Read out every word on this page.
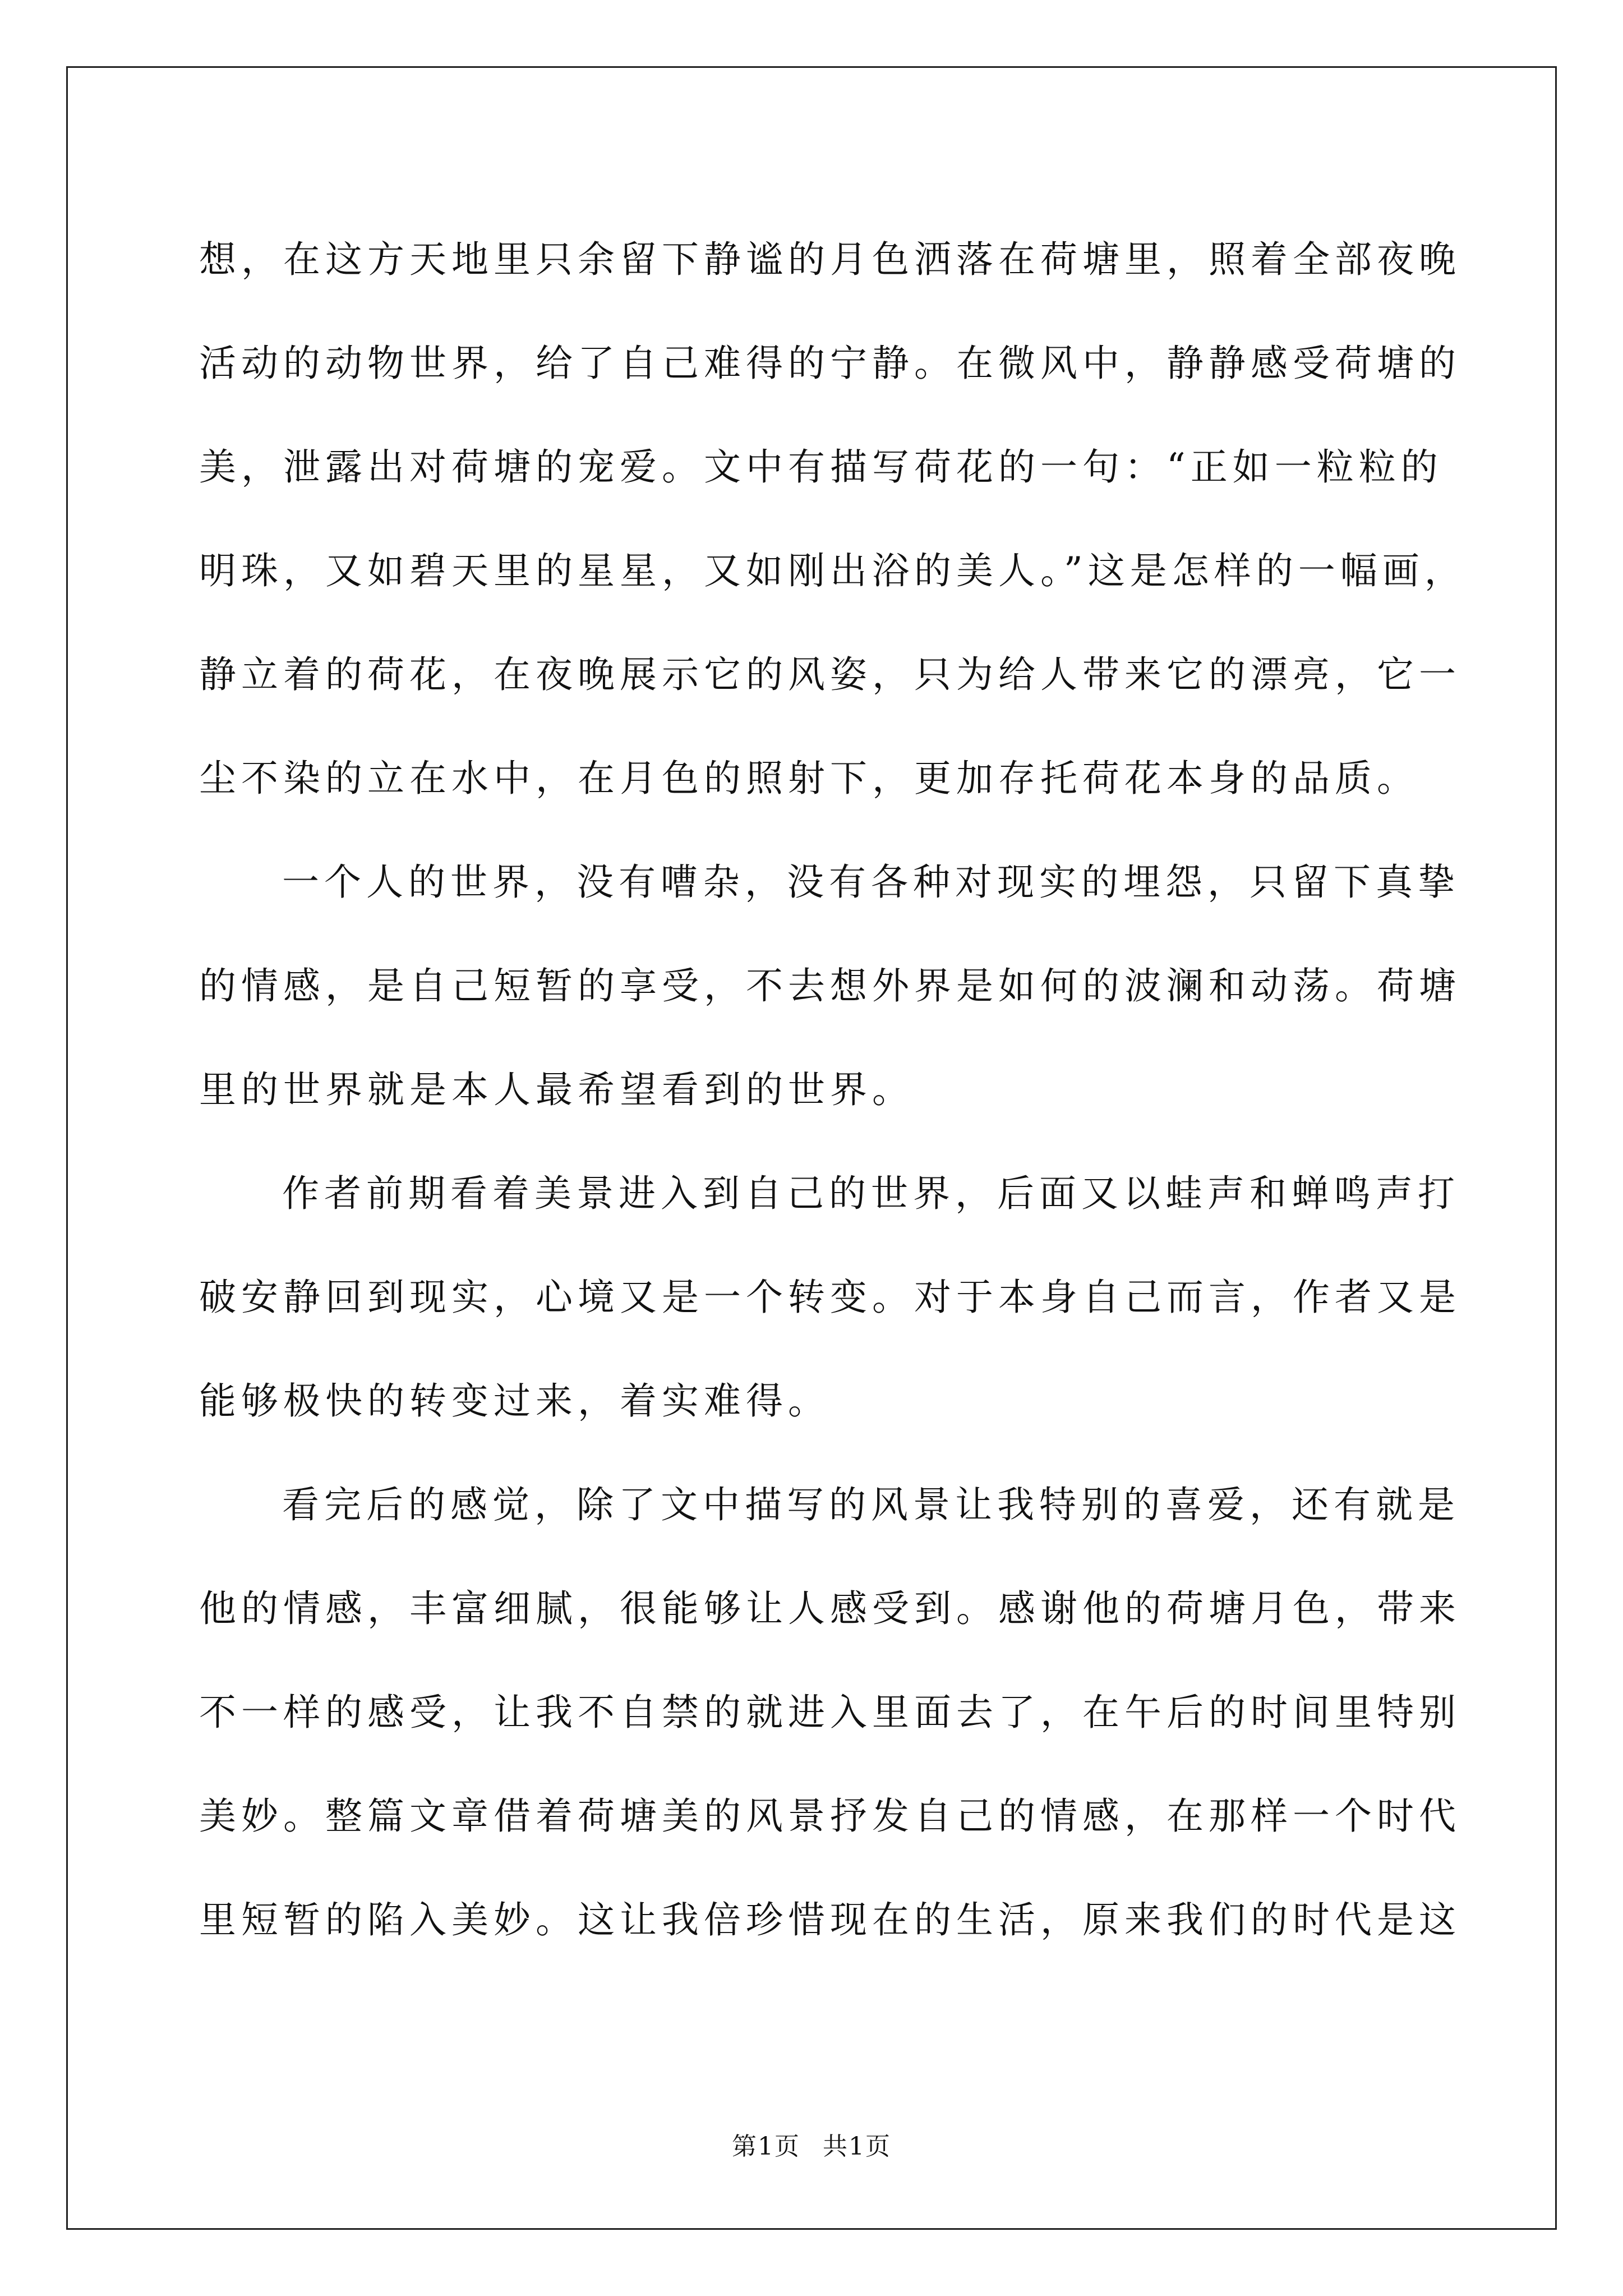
想，在这方天地里只余留下静谧的月色洒落在荷塘里，照着全部夜晚
活动的动物世界，给了自己难得的宁静。在微风中，静静感受荷塘的
美，泄露出对荷塘的宠爱。文中有描写荷花的一句：“正如一粒粒的
明珠，又如碧天里的星星，又如刚出浴的美人。”这是怎样的一幅画，
静立着的荷花，在夜晚展示它的风姿，只为给人带来它的漂亮，它一
尘不染的立在水中，在月色的照射下，更加存托荷花本身的品质。
一个人的世界，没有嘈杂，没有各种对现实的埋怨，只留下真挚
的情感，是自己短暂的享受，不去想外界是如何的波澜和动荡。荷塘
里的世界就是本人最希望看到的世界。
作者前期看着美景进入到自己的世界，后面又以蛙声和蝉鸣声打
破安静回到现实，心境又是一个转变。对于本身自己而言，作者又是
能够极快的转变过来，着实难得。
看完后的感觉，除了文中描写的风景让我特别的喜爱，还有就是
他的情感，丰富细腻，很能够让人感受到。感谢他的荷塘月色，带来
不一样的感受，让我不自禁的就进入里面去了，在午后的时间里特别
美妙。整篇文章借着荷塘美的风景抒发自己的情感，在那样一个时代
里短暂的陷入美妙。这让我倍珍惜现在的生活，原来我们的时代是这
第1页 共1页
